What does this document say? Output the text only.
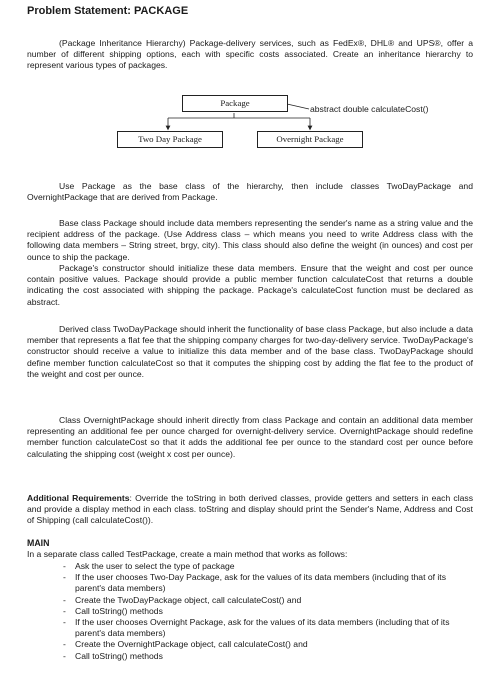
Problem Statement: PACKAGE
(Package Inheritance Hierarchy) Package-delivery services, such as FedEx®, DHL® and UPS®, offer a number of different shipping options, each with specific costs associated. Create an inheritance hierarchy to represent various types of packages.
Package
abstract double calculateCost()
Two Day Package	Overnight Package
Use Package as the base class of the hierarchy, then include classes TwoDayPackage and OvernightPackage that are derived from Package.
Base class Package should include data members representing the sender's name as a string value and the recipient address of the package. (Use Address class – which means you need to write Address class with the following data members – String street, brgy, city). This class should also define the weight (in ounces) and cost per ounce to ship the package.
Package's constructor should initialize these data members. Ensure that the weight and cost per ounce contain positive values. Package should provide a public member function calculateCost that returns a double indicating the cost associated with shipping the package. Package's calculateCost function must be declared as abstract.
Derived class TwoDayPackage should inherit the functionality of base class Package, but also include a data member that represents a flat fee that the shipping company charges for two-day-delivery service. TwoDayPackage's constructor should receive a value to initialize this data member and of the base class. TwoDayPackage should define member function calculateCost so that it computes the shipping cost by adding the flat fee to the product of the weight and cost per ounce.
Class OvernightPackage should inherit directly from class Package and contain an additional data member representing an additional fee per ounce charged for overnight-delivery service. OvernightPackage should redefine member function calculateCost so that it adds the additional fee per ounce to the standard cost per ounce before calculating the shipping cost (weight x cost per ounce).
Additional Requirements: Override the toString in both derived classes, provide getters and setters in each class and provide a display method in each class. toString and display should print the Sender's Name, Address and Cost of Shipping (call calculateCost()).
MAIN
In a separate class called TestPackage, create a main method that works as follows:
- Ask the user to select the type of package
- If the user chooses Two-Day Package, ask for the values of its data members (including that of its parent's data members)
- Create the TwoDayPackage object, call calculateCost() and
- Call toString() methods
- If the user chooses Overnight Package, ask for the values of its data members (including that of its parent's data members)
- Create the OvernightPackage object, call calculateCost() and
- Call toString() methods
